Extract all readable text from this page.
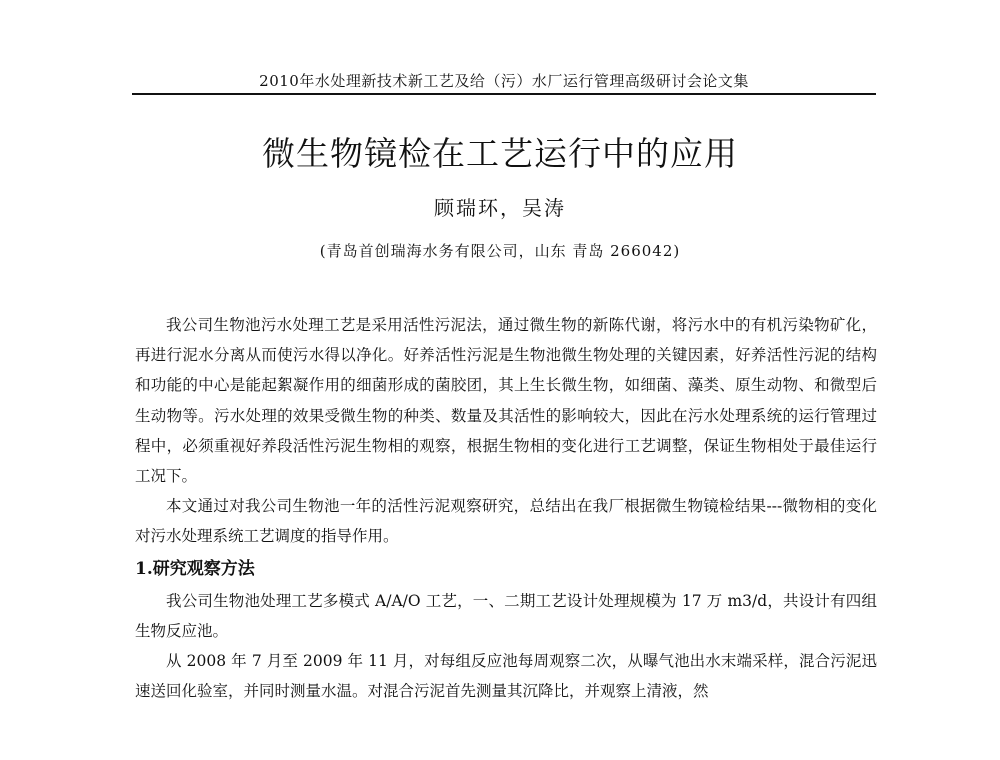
2010年水处理新技术新工艺及给（污）水厂运行管理高级研讨会论文集
微生物镜检在工艺运行中的应用
顾瑞环，吴涛
(青岛首创瑞海水务有限公司，山东 青岛 266042)

我公司生物池污水处理工艺是采用活性污泥法，通过微生物的新陈代谢，将污水中的有机污染物矿化，再进行泥水分离从而使污水得以净化。好养活性污泥是生物池微生物处理的关键因素，好养活性污泥的结构和功能的中心是能起絮凝作用的细菌形成的菌胶团，其上生长微生物，如细菌、藻类、原生动物、和微型后生动物等。污水处理的效果受微生物的种类、数量及其活性的影响较大，因此在污水处理系统的运行管理过程中，必须重视好养段活性污泥生物相的观察，根据生物相的变化进行工艺调整，保证生物相处于最佳运行工况下。

本文通过对我公司生物池一年的活性污泥观察研究，总结出在我厂根据微生物镜检结果---微物相的变化对污水处理系统工艺调度的指导作用。

1.研究观察方法

我公司生物池处理工艺多模式 A/A/O 工艺，一、二期工艺设计处理规模为 17 万 m3/d，共设计有四组生物反应池。

从 2008 年 7 月至 2009 年 11 月，对每组反应池每周观察二次，从曝气池出水末端采样，混合污泥迅速送回化验室，并同时测量水温。对混合污泥首先测量其沉降比，并观察上清液，然
